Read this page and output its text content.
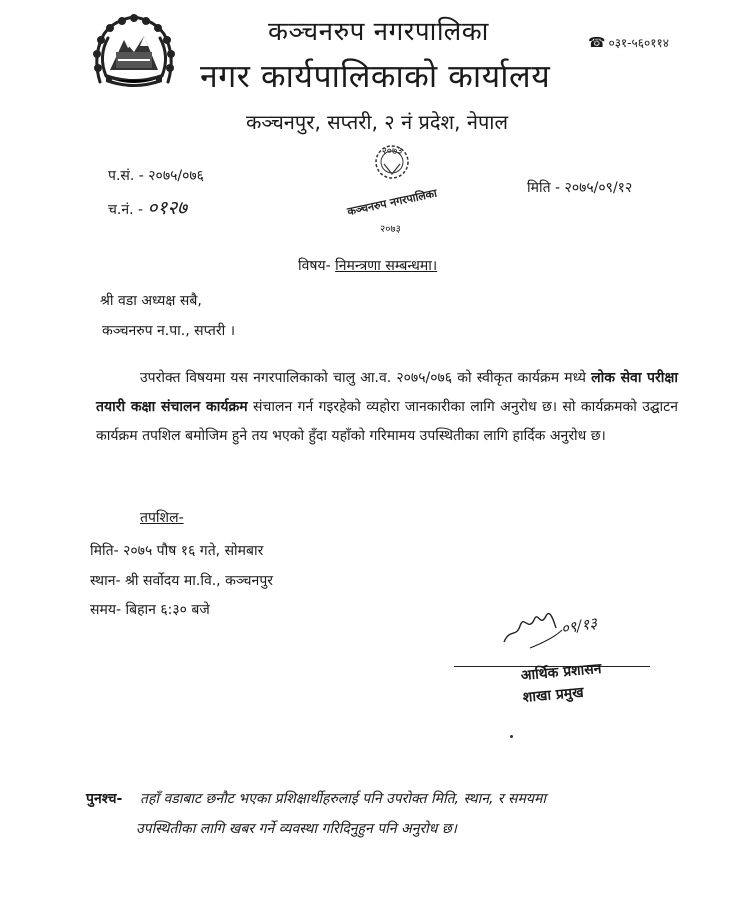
कञ्चनरुप नगरपालिका
नगर कार्यपालिकाको कार्यालय
कञ्चनपुर, सप्तरी, २ नं प्रदेश, नेपाल
☎ ०३१-५६०११४
प.सं. - २०७५/०७६
च.नं. - ०१२७
२०७३
कञ्चनरुप नगरपालिका
२०७३
मिति - २०७५/०९/१२
विषय- निमन्त्रणा सम्बन्धमा।
श्री वडा अध्यक्ष सबै,
कञ्चनरुप न.पा., सप्तरी ।
उपरोक्त विषयमा यस नगरपालिकाको चालु आ.व. २०७५/०७६ को स्वीकृत कार्यक्रम मध्ये लोक सेवा परीक्षा तयारी कक्षा संचालन कार्यक्रम संचालन गर्न गइरहेको व्यहोरा जानकारीका लागि अनुरोध छ। सो कार्यक्रमको उद्घाटन कार्यक्रम तपशिल बमोजिम हुने तय भएको हुँदा यहाँको गरिमामय उपस्थितीका लागि हार्दिक अनुरोध छ।
तपशिल-
मिति- २०७५ पौष १६ गते, सोमबार
स्थान- श्री सर्वोदय मा.वि., कञ्चनपुर
समय- बिहान ६:३० बजे
०९/१३
आर्थिक प्रशासन
शाखा प्रमुख
पुनश्च- तहाँ वडाबाट छनौट भएका प्रशिक्षार्थीहरुलाई पनि उपरोक्त मिति, स्थान, र समयमा
उपस्थितीका लागि खबर गर्ने व्यवस्था गरिदिनुहुन पनि अनुरोध छ।
